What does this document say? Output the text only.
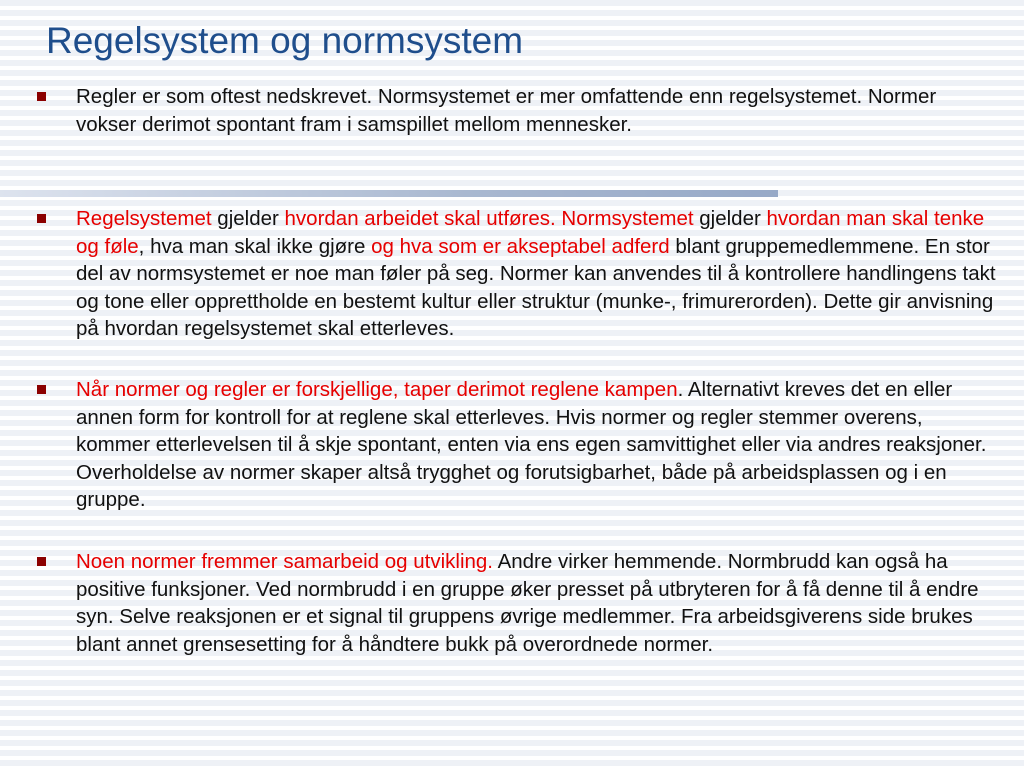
Regelsystem og normsystem

Regler er som oftest nedskrevet. Normsystemet er mer omfattende enn regelsystemet. Normer vokser derimot spontant fram i samspillet mellom mennesker.

Regelsystemet gjelder hvordan arbeidet skal utføres. Normsystemet gjelder hvordan man skal tenke og føle, hva man skal ikke gjøre og hva som er akseptabel adferd blant gruppemedlemmene. En stor del av normsystemet er noe man føler på seg. Normer kan anvendes til å kontrollere handlingens takt og tone eller opprettholde en bestemt kultur eller struktur (munke-, frimurerorden). Dette gir anvisning på hvordan regelsystemet skal etterleves.

Når normer og regler er forskjellige, taper derimot reglene kampen. Alternativt kreves det en eller annen form for kontroll for at reglene skal etterleves. Hvis normer og regler stemmer overens, kommer etterlevelsen til å skje spontant, enten via ens egen samvittighet eller via andres reaksjoner. Overholdelse av normer skaper altså trygghet og forutsigbarhet, både på arbeidsplassen og i en gruppe.

Noen normer fremmer samarbeid og utvikling. Andre virker hemmende. Normbrudd kan også ha positive funksjoner. Ved normbrudd i en gruppe øker presset på utbryteren for å få denne til å endre syn. Selve reaksjonen er et signal til gruppens øvrige medlemmer. Fra arbeidsgiverens side brukes blant annet grensesetting for å håndtere bukk på overordnede normer.
